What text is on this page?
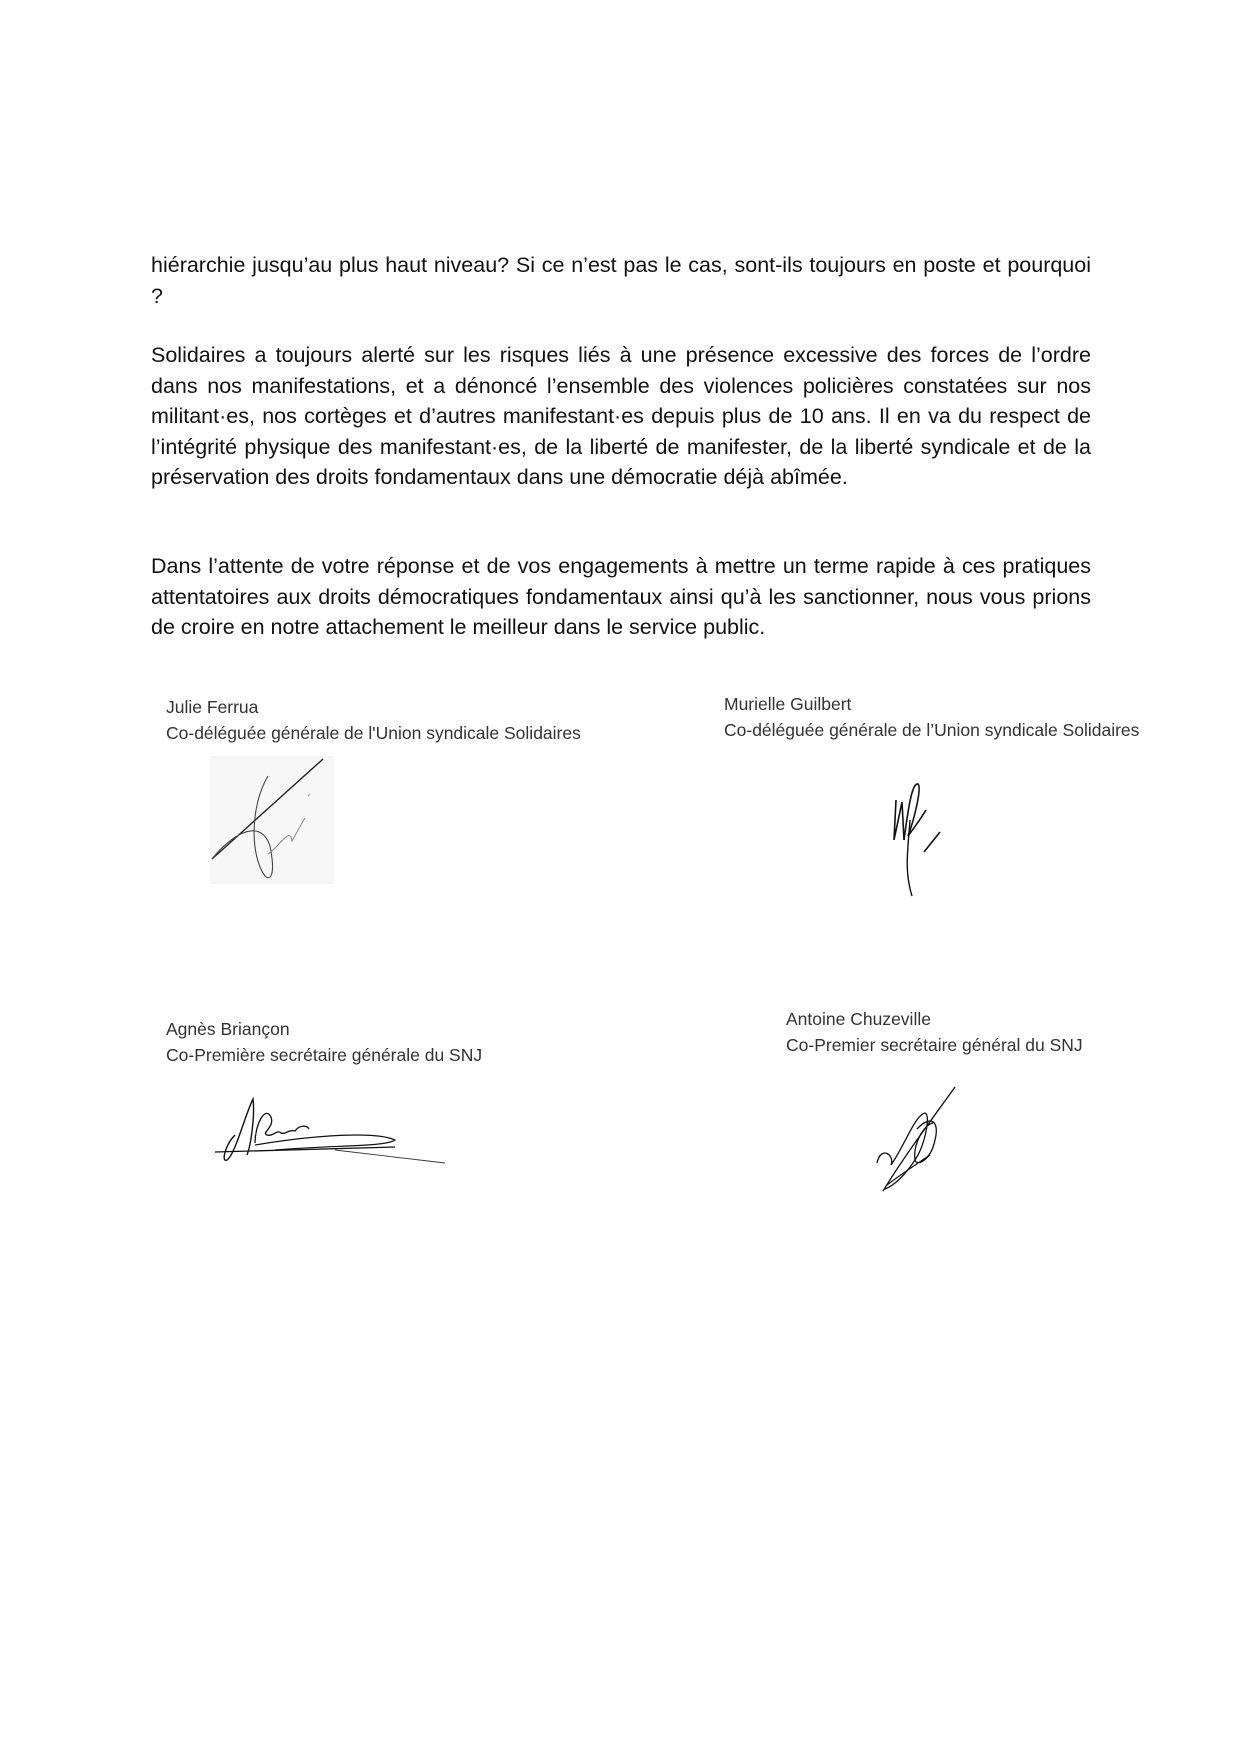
hiérarchie jusqu’au plus haut niveau? Si ce n’est pas le cas, sont-ils toujours en poste et pourquoi ?

Solidaires a toujours alerté sur les risques liés à une présence excessive des forces de l’ordre dans nos manifestations, et a dénoncé l’ensemble des violences policières constatées sur nos militant·es, nos cortèges et d’autres manifestant·es depuis plus de 10 ans. Il en va du respect de l’intégrité physique des manifestant·es, de la liberté de manifester, de la liberté syndicale et de la préservation des droits fondamentaux dans une démocratie déjà abîmée.

Dans l’attente de votre réponse et de vos engagements à mettre un terme rapide à ces pratiques attentatoires aux droits démocratiques fondamentaux ainsi qu’à les sanctionner, nous vous prions de croire en notre attachement le meilleur dans le service public.

Julie Ferrua

Co-déléguée générale de l'Union syndicale Solidaires

Murielle Guilbert

Co-déléguée générale de l’Union syndicale Solidaires

Agnès Briançon

Co-Première secrétaire générale du SNJ

Antoine Chuzeville

Co-Premier secrétaire général du SNJ
